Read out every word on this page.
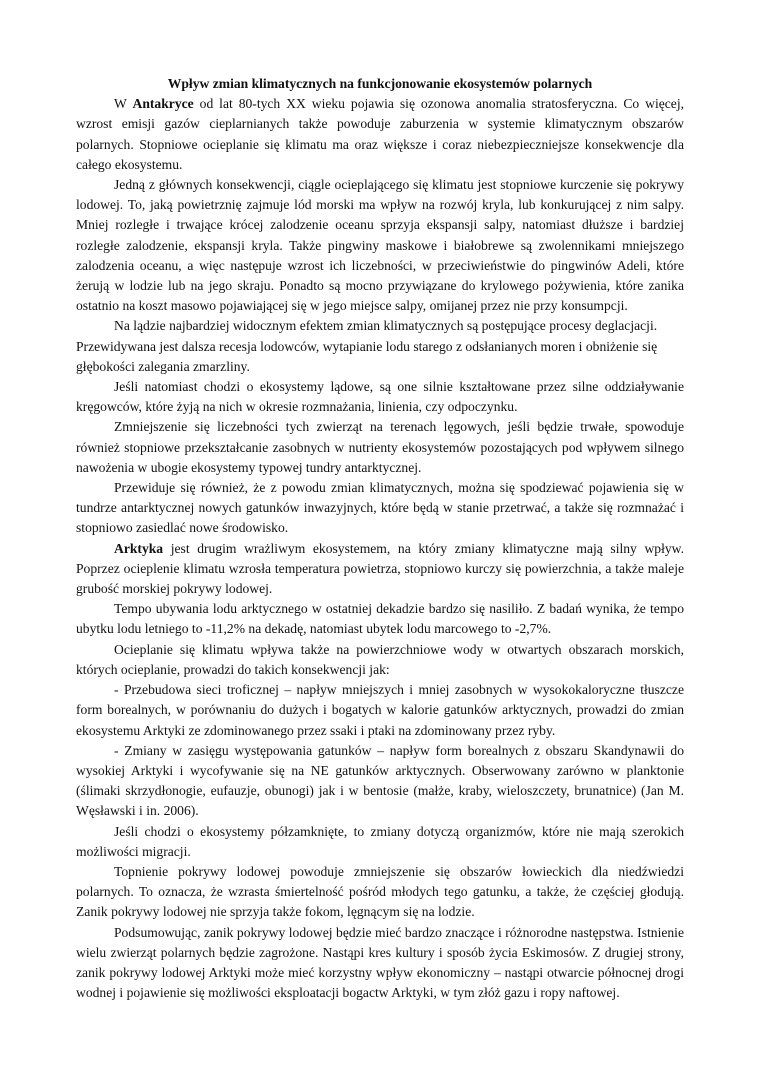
Wpływ zmian klimatycznych na funkcjonowanie ekosystemów polarnych

W Antakryce od lat 80-tych XX wieku pojawia się ozonowa anomalia stratosferyczna. Co więcej, wzrost emisji gazów cieplarnianych także powoduje zaburzenia w systemie klimatycznym obszarów polarnych. Stopniowe ocieplanie się klimatu ma oraz większe i coraz niebezpieczniejsze konsekwencje dla całego ekosystemu.

Jedną z głównych konsekwencji, ciągle ocieplającego się klimatu jest stopniowe kurczenie się pokrywy lodowej. To, jaką powietrznię zajmuje lód morski ma wpływ na rozwój kryla, lub konkurującej z nim salpy. Mniej rozległe i trwające krócej zalodzenie oceanu sprzyja ekspansji salpy, natomiast dłuższe i bardziej rozległe zalodzenie, ekspansji kryla. Także pingwiny maskowe i białobrewe są zwolennikami mniejszego zalodzenia oceanu, a więc następuje wzrost ich liczebności, w przeciwieństwie do pingwinów Adeli, które żerują w lodzie lub na jego skraju. Ponadto są mocno przywiązane do krylowego pożywienia, które zanika ostatnio na koszt masowo pojawiającej się w jego miejsce salpy, omijanej przez nie przy konsumpcji.

Na lądzie najbardziej widocznym efektem zmian klimatycznych są postępujące procesy deglacjacji. Przewidywana jest dalsza recesja lodowców, wytapianie lodu starego z odsłanianych moren i obniżenie się głębokości zalegania zmarzliny.

Jeśli natomiast chodzi o ekosystemy lądowe, są one silnie kształtowane przez silne oddziaływanie kręgowców, które żyją na nich w okresie rozmnażania, linienia, czy odpoczynku.

Zmniejszenie się liczebności tych zwierząt na terenach lęgowych, jeśli będzie trwałe, spowoduje również stopniowe przekształcanie zasobnych w nutrienty ekosystemów pozostających pod wpływem silnego nawożenia w ubogie ekosystemy typowej tundry antarktycznej.

Przewiduje się również, że z powodu zmian klimatycznych, można się spodziewać pojawienia się w tundrze antarktycznej nowych gatunków inwazyjnych, które będą w stanie przetrwać, a także się rozmnażać i stopniowo zasiedlać nowe środowisko.

Arktyka jest drugim wrażliwym ekosystemem, na który zmiany klimatyczne mają silny wpływ. Poprzez ocieplenie klimatu wzrosła temperatura powietrza, stopniowo kurczy się powierzchnia, a także maleje grubość morskiej pokrywy lodowej.

Tempo ubywania lodu arktycznego w ostatniej dekadzie bardzo się nasiliło. Z badań wynika, że tempo ubytku lodu letniego to -11,2% na dekadę, natomiast ubytek lodu marcowego to -2,7%.

Ocieplanie się klimatu wpływa także na powierzchniowe wody w otwartych obszarach morskich, których ocieplanie, prowadzi do takich konsekwencji jak:

- Przebudowa sieci troficznej – napływ mniejszych i mniej zasobnych w wysokokaloryczne tłuszcze form borealnych, w porównaniu do dużych i bogatych w kalorie gatunków arktycznych, prowadzi do zmian ekosystemu Arktyki ze zdominowanego przez ssaki i ptaki na zdominowany przez ryby.

- Zmiany w zasięgu występowania gatunków – napływ form borealnych z obszaru Skandynawii do wysokiej Arktyki i wycofywanie się na NE gatunków arktycznych. Obserwowany zarówno w planktonie (ślimaki skrzydłonogie, eufauzje, obunogi) jak i w bentosie (małże, kraby, wieloszczety, brunatnice) (Jan M. Węsławski i in. 2006).

Jeśli chodzi o ekosystemy półzamknięte, to zmiany dotyczą organizmów, które nie mają szerokich możliwości migracji.

Topnienie pokrywy lodowej powoduje zmniejszenie się obszarów łowieckich dla niedźwiedzi polarnych. To oznacza, że wzrasta śmiertelność pośród młodych tego gatunku, a także, że częściej głodują. Zanik pokrywy lodowej nie sprzyja także fokom, lęgnącym się na lodzie.

Podsumowując, zanik pokrywy lodowej będzie mieć bardzo znaczące i różnorodne następstwa. Istnienie wielu zwierząt polarnych będzie zagrożone. Nastąpi kres kultury i sposób życia Eskimosów. Z drugiej strony, zanik pokrywy lodowej Arktyki może mieć korzystny wpływ ekonomiczny – nastąpi otwarcie północnej drogi wodnej i pojawienie się możliwości eksploatacji bogactw Arktyki, w tym złóż gazu i ropy naftowej.
